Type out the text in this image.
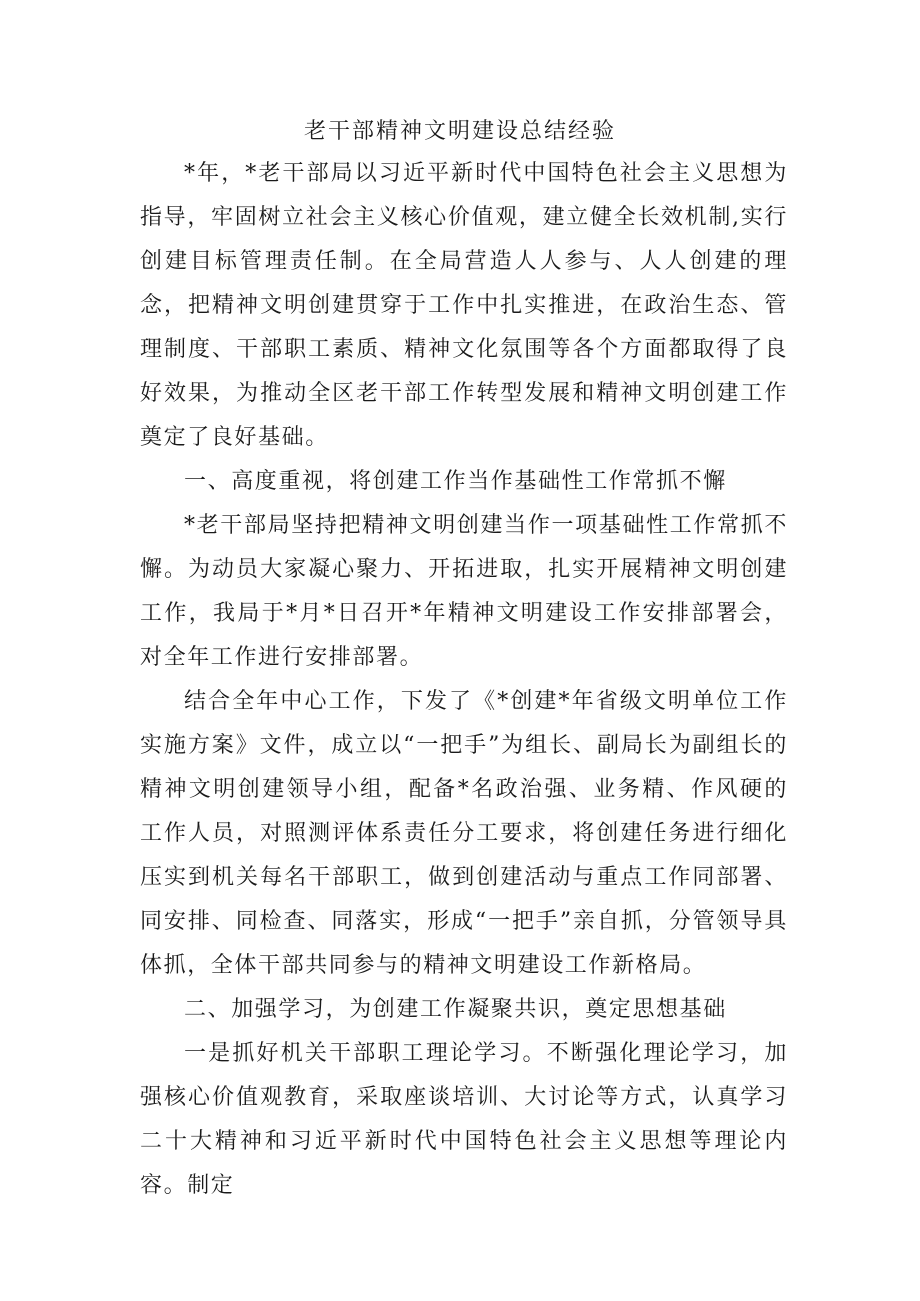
老干部精神文明建设总结经验

*年，*老干部局以习近平新时代中国特色社会主义思想为指导，牢固树立社会主义核心价值观，建立健全长效机制,实行创建目标管理责任制。在全局营造人人参与、人人创建的理念，把精神文明创建贯穿于工作中扎实推进，在政治生态、管理制度、干部职工素质、精神文化氛围等各个方面都取得了良好效果，为推动全区老干部工作转型发展和精神文明创建工作奠定了良好基础。

一、高度重视，将创建工作当作基础性工作常抓不懈

*老干部局坚持把精神文明创建当作一项基础性工作常抓不懈。为动员大家凝心聚力、开拓进取，扎实开展精神文明创建工作，我局于*月*日召开*年精神文明建设工作安排部署会，对全年工作进行安排部署。

结合全年中心工作，下发了《*创建*年省级文明单位工作实施方案》文件，成立以“一把手”为组长、副局长为副组长的精神文明创建领导小组，配备*名政治强、业务精、作风硬的工作人员，对照测评体系责任分工要求，将创建任务进行细化压实到机关每名干部职工，做到创建活动与重点工作同部署、同安排、同检查、同落实，形成“一把手”亲自抓，分管领导具体抓，全体干部共同参与的精神文明建设工作新格局。

二、加强学习，为创建工作凝聚共识，奠定思想基础

一是抓好机关干部职工理论学习。不断强化理论学习，加强核心价值观教育，采取座谈培训、大讨论等方式，认真学习二十大精神和习近平新时代中国特色社会主义思想等理论内容。制定
